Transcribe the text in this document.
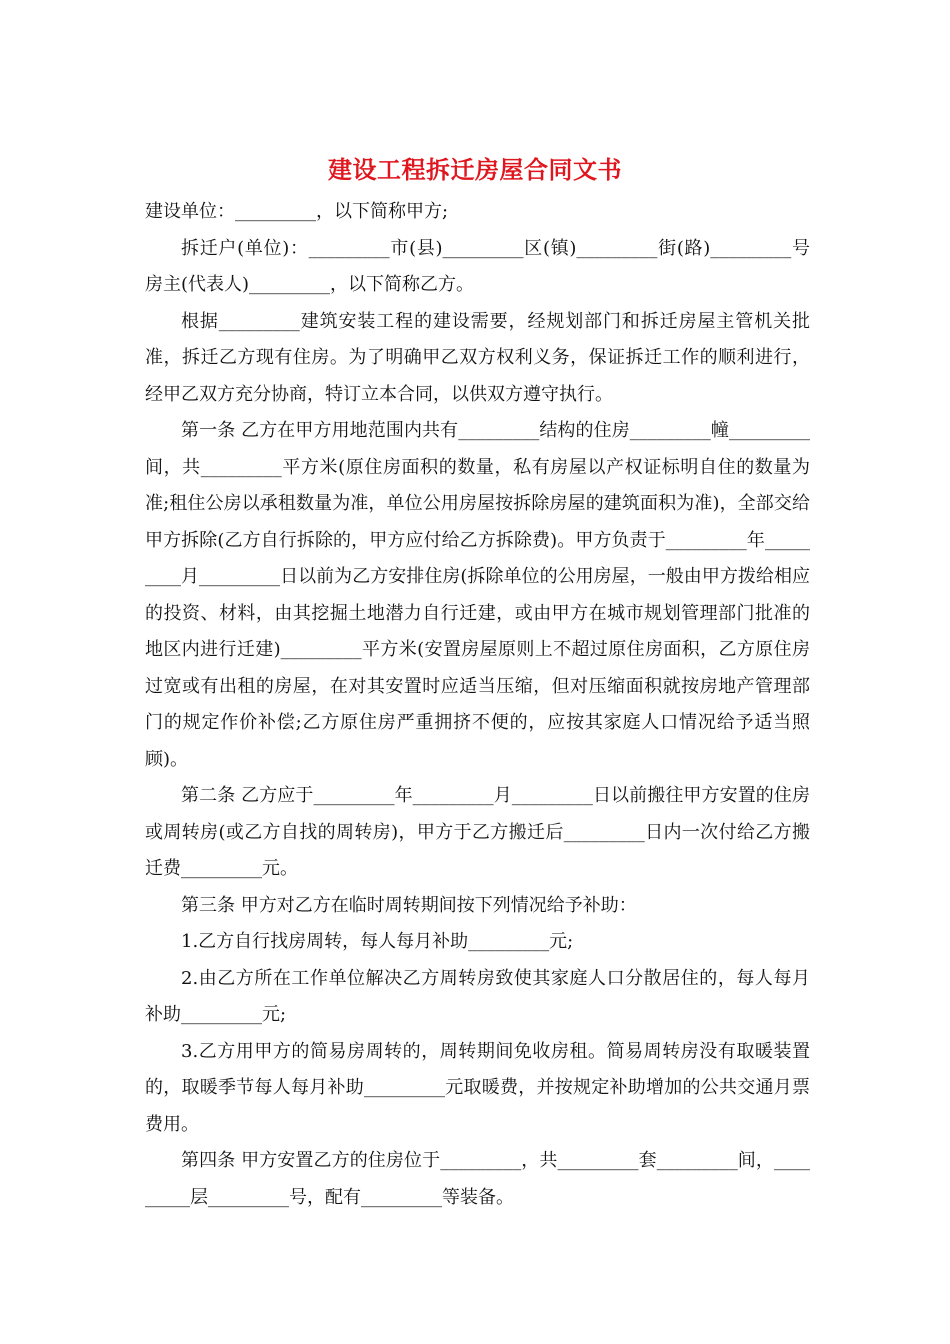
建设工程拆迁房屋合同文书

建设单位：_________，以下简称甲方;

拆迁户(单位)：_________市(县)_________区(镇)_________街(路)_________号房主(代表人)_________，以下简称乙方。

根据_________建筑安装工程的建设需要，经规划部门和拆迁房屋主管机关批准，拆迁乙方现有住房。为了明确甲乙双方权利义务，保证拆迁工作的顺利进行，经甲乙双方充分协商，特订立本合同，以供双方遵守执行。

第一条 乙方在甲方用地范围内共有_________结构的住房_________幢_________间，共_________平方米(原住房面积的数量，私有房屋以产权证标明自住的数量为准;租住公房以承租数量为准，单位公用房屋按拆除房屋的建筑面积为准)，全部交给甲方拆除(乙方自行拆除的，甲方应付给乙方拆除费)。甲方负责于_________年_________月_________日以前为乙方安排住房(拆除单位的公用房屋，一般由甲方拨给相应的投资、材料，由其挖掘土地潜力自行迁建，或由甲方在城市规划管理部门批准的地区内进行迁建)_________平方米(安置房屋原则上不超过原住房面积，乙方原住房过宽或有出租的房屋，在对其安置时应适当压缩，但对压缩面积就按房地产管理部门的规定作价补偿;乙方原住房严重拥挤不便的，应按其家庭人口情况给予适当照顾)。

第二条 乙方应于_________年_________月_________日以前搬往甲方安置的住房或周转房(或乙方自找的周转房)，甲方于乙方搬迁后_________日内一次付给乙方搬迁费_________元。

第三条 甲方对乙方在临时周转期间按下列情况给予补助：

1.乙方自行找房周转，每人每月补助_________元;

2.由乙方所在工作单位解决乙方周转房致使其家庭人口分散居住的，每人每月补助_________元;

3.乙方用甲方的简易房周转的，周转期间免收房租。简易周转房没有取暖装置的，取暖季节每人每月补助_________元取暖费，并按规定补助增加的公共交通月票费用。

第四条 甲方安置乙方的住房位于_________，共_________套_________间，_________层_________号，配有_________等装备。
